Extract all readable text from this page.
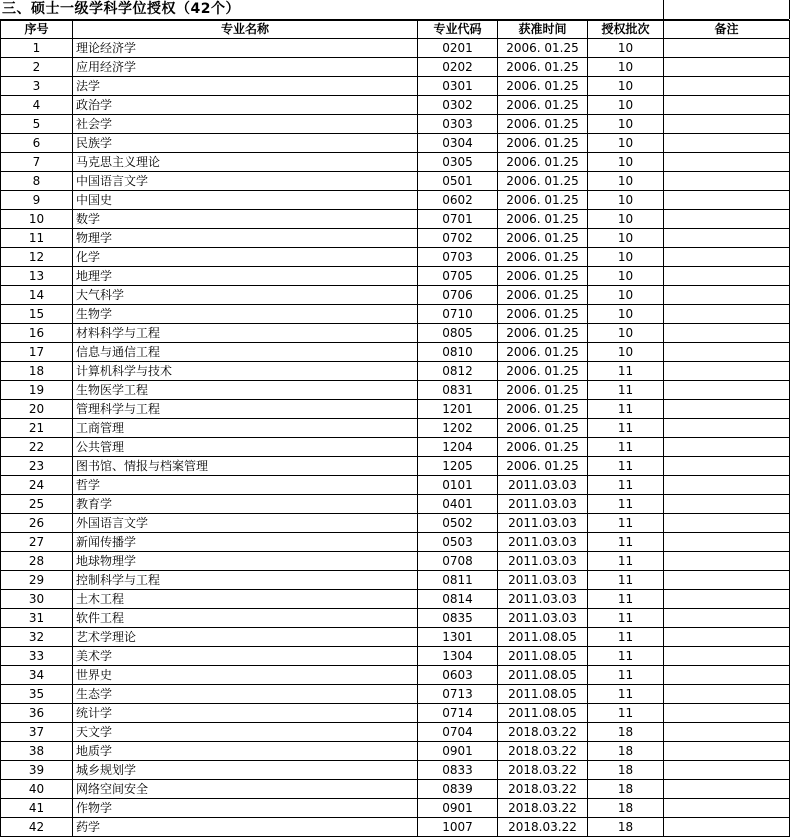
三、硕士一级学科学位授权（42个）
序号	专业名称	专业代码	获准时间	授权批次	备注
1	理论经济学	0201	2006. 01.25	10	
2	应用经济学	0202	2006. 01.25	10	
3	法学	0301	2006. 01.25	10	
4	政治学	0302	2006. 01.25	10	
5	社会学	0303	2006. 01.25	10	
6	民族学	0304	2006. 01.25	10	
7	马克思主义理论	0305	2006. 01.25	10	
8	中国语言文学	0501	2006. 01.25	10	
9	中国史	0602	2006. 01.25	10	
10	数学	0701	2006. 01.25	10	
11	物理学	0702	2006. 01.25	10	
12	化学	0703	2006. 01.25	10	
13	地理学	0705	2006. 01.25	10	
14	大气科学	0706	2006. 01.25	10	
15	生物学	0710	2006. 01.25	10	
16	材料科学与工程	0805	2006. 01.25	10	
17	信息与通信工程	0810	2006. 01.25	10	
18	计算机科学与技术	0812	2006. 01.25	11	
19	生物医学工程	0831	2006. 01.25	11	
20	管理科学与工程	1201	2006. 01.25	11	
21	工商管理	1202	2006. 01.25	11	
22	公共管理	1204	2006. 01.25	11	
23	图书馆、情报与档案管理	1205	2006. 01.25	11	
24	哲学	0101	2011.03.03	11	
25	教育学	0401	2011.03.03	11	
26	外国语言文学	0502	2011.03.03	11	
27	新闻传播学	0503	2011.03.03	11	
28	地球物理学	0708	2011.03.03	11	
29	控制科学与工程	0811	2011.03.03	11	
30	土木工程	0814	2011.03.03	11	
31	软件工程	0835	2011.03.03	11	
32	艺术学理论	1301	2011.08.05	11	
33	美术学	1304	2011.08.05	11	
34	世界史	0603	2011.08.05	11	
35	生态学	0713	2011.08.05	11	
36	统计学	0714	2011.08.05	11	
37	天文学	0704	2018.03.22	18	
38	地质学	0901	2018.03.22	18	
39	城乡规划学	0833	2018.03.22	18	
40	网络空间安全	0839	2018.03.22	18	
41	作物学	0901	2018.03.22	18	
42	药学	1007	2018.03.22	18	
